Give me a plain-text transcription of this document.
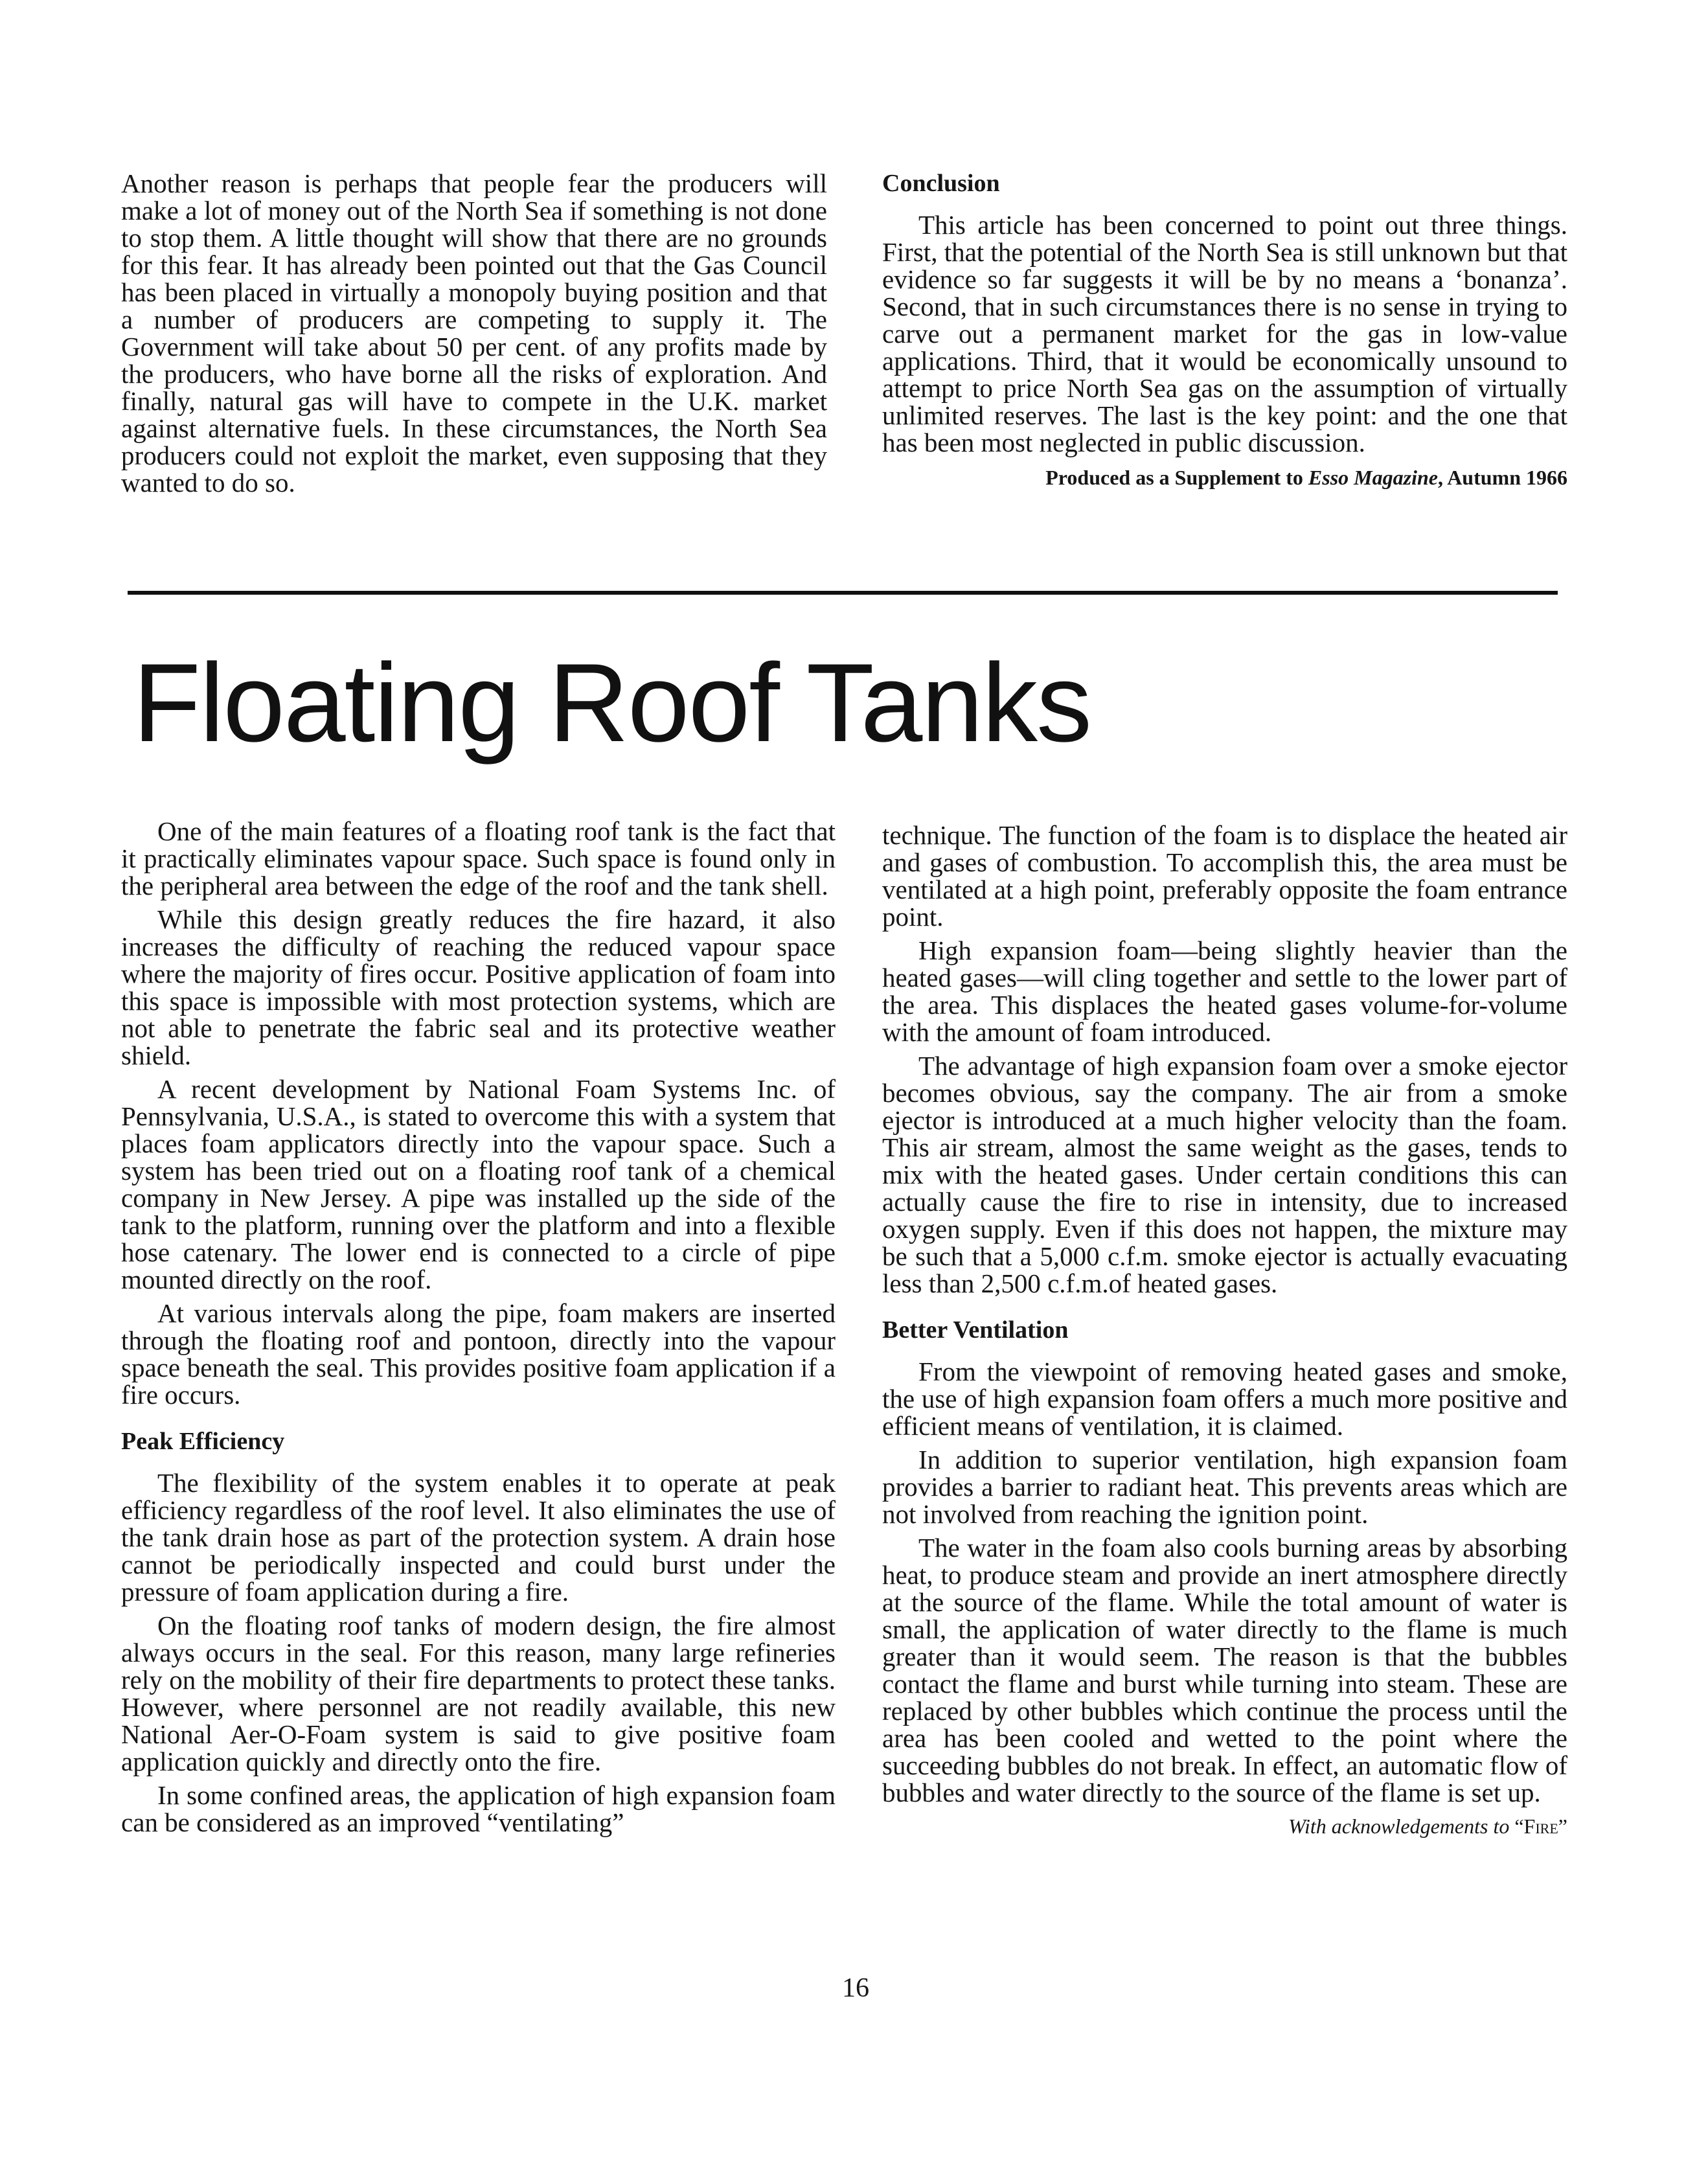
Another reason is perhaps that people fear the producers will make a lot of money out of the North Sea if something is not done to stop them. A little thought will show that there are no grounds for this fear. It has already been pointed out that the Gas Council has been placed in virtually a monopoly buying position and that a number of producers are competing to supply it. The Government will take about 50 per cent. of any profits made by the producers, who have borne all the risks of exploration. And finally, natural gas will have to compete in the U.K. market against alternative fuels. In these circumstances, the North Sea producers could not exploit the market, even supposing that they wanted to do so.

Conclusion

This article has been concerned to point out three things. First, that the potential of the North Sea is still unknown but that evidence so far suggests it will be by no means a ‘bonanza’. Second, that in such circumstances there is no sense in trying to carve out a permanent market for the gas in low-value applications. Third, that it would be economically unsound to attempt to price North Sea gas on the assumption of virtually unlimited reserves. The last is the key point: and the one that has been most neglected in public discussion.

Produced as a Supplement to Esso Magazine, Autumn 1966
Floating Roof Tanks

One of the main features of a floating roof tank is the fact that it practically eliminates vapour space. Such space is found only in the peripheral area between the edge of the roof and the tank shell.

While this design greatly reduces the fire hazard, it also increases the difficulty of reaching the reduced vapour space where the majority of fires occur. Positive application of foam into this space is impossible with most protection systems, which are not able to penetrate the fabric seal and its protective weather shield.

A recent development by National Foam Systems Inc. of Pennsylvania, U.S.A., is stated to overcome this with a system that places foam applicators directly into the vapour space. Such a system has been tried out on a floating roof tank of a chemical company in New Jersey. A pipe was installed up the side of the tank to the platform, running over the platform and into a flexible hose catenary. The lower end is connected to a circle of pipe mounted directly on the roof.

At various intervals along the pipe, foam makers are inserted through the floating roof and pontoon, directly into the vapour space beneath the seal. This provides positive foam application if a fire occurs.

Peak Efficiency

The flexibility of the system enables it to operate at peak efficiency regardless of the roof level. It also eliminates the use of the tank drain hose as part of the protection system. A drain hose cannot be periodically inspected and could burst under the pressure of foam application during a fire.

On the floating roof tanks of modern design, the fire almost always occurs in the seal. For this reason, many large refineries rely on the mobility of their fire departments to protect these tanks. However, where personnel are not readily available, this new National Aer-O-Foam system is said to give positive foam application quickly and directly onto the fire.

In some confined areas, the application of high expansion foam can be considered as an improved “ventilating”

technique. The function of the foam is to displace the heated air and gases of combustion. To accomplish this, the area must be ventilated at a high point, preferably opposite the foam entrance point.

High expansion foam—being slightly heavier than the heated gases—will cling together and settle to the lower part of the area. This displaces the heated gases volume-for-volume with the amount of foam introduced.

The advantage of high expansion foam over a smoke ejector becomes obvious, say the company. The air from a smoke ejector is introduced at a much higher velocity than the foam. This air stream, almost the same weight as the gases, tends to mix with the heated gases. Under certain conditions this can actually cause the fire to rise in intensity, due to increased oxygen supply. Even if this does not happen, the mixture may be such that a 5,000 c.f.m. smoke ejector is actually evacuating less than 2,500 c.f.m.of heated gases.

Better Ventilation

From the viewpoint of removing heated gases and smoke, the use of high expansion foam offers a much more positive and efficient means of ventilation, it is claimed.

In addition to superior ventilation, high expansion foam provides a barrier to radiant heat. This prevents areas which are not involved from reaching the ignition point.

The water in the foam also cools burning areas by absorbing heat, to produce steam and provide an inert atmosphere directly at the source of the flame. While the total amount of water is small, the application of water directly to the flame is much greater than it would seem. The reason is that the bubbles contact the flame and burst while turning into steam. These are replaced by other bubbles which continue the process until the area has been cooled and wetted to the point where the succeeding bubbles do not break. In effect, an automatic flow of bubbles and water directly to the source of the flame is set up.

With acknowledgements to “Fire”
16
